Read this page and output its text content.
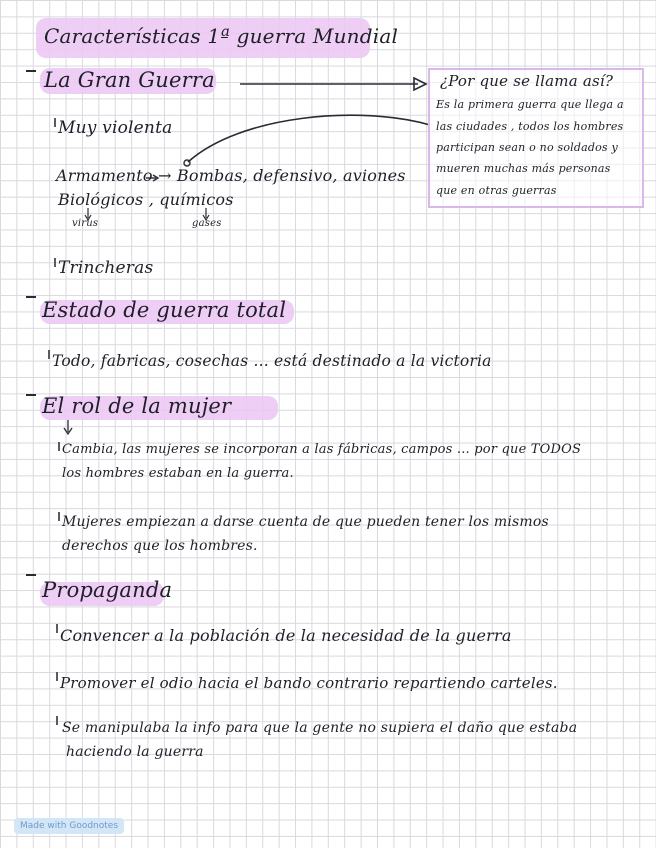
Características 1ª guerra Mundial
La Gran Guerra	¿Por que se llama así?
Es la primera guerra que llega a
las ciudades , todos los hombres
participan sean o no soldados y
mueren muchas más personas
que en otras guerras
Muy violenta
Armamento → Bombas, defensivo, aviones
Biológicos , químicos
virus	gases
Trincheras
Estado de guerra total
Todo, fabricas, cosechas ... está destinado a la victoria
El rol de la mujer
Cambia, las mujeres se incorporan a las fábricas, campos ... por que TODOS
los hombres estaban en la guerra.
Mujeres empiezan a darse cuenta de que pueden tener los mismos
derechos que los hombres.
Propaganda
Convencer a la población de la necesidad de la guerra
Promover el odio hacia el bando contrario repartiendo carteles.
Se manipulaba la info para que la gente no supiera el daño que estaba
haciendo la guerra
Made with Goodnotes
